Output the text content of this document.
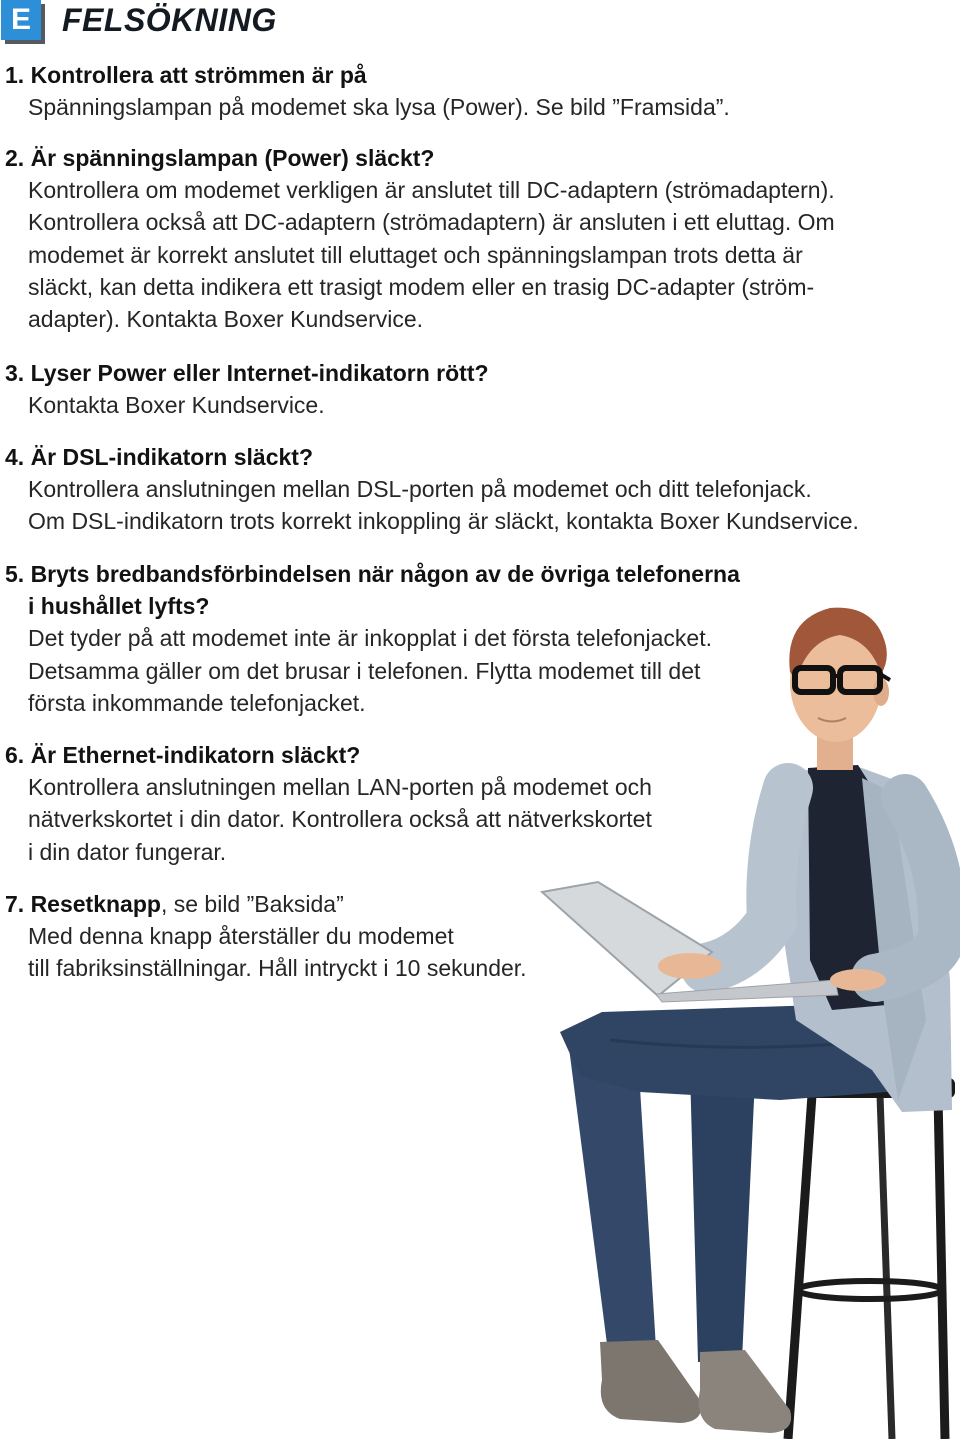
E FELSÖKNING
1. Kontrollera att strömmen är på
Spänningslampan på modemet ska lysa (Power). Se bild ”Framsida”.
2. Är spänningslampan (Power) släckt?
Kontrollera om modemet verkligen är anslutet till DC-adaptern (strömadaptern).
Kontrollera också att DC-adaptern (strömadaptern) är ansluten i ett eluttag. Om
modemet är korrekt anslutet till eluttaget och spänningslampan trots detta är
släckt, kan detta indikera ett trasigt modem eller en trasig DC-adapter (ström-
adapter). Kontakta Boxer Kundservice.
3. Lyser Power eller Internet-indikatorn rött?
Kontakta Boxer Kundservice.
4. Är DSL-indikatorn släckt?
Kontrollera anslutningen mellan DSL-porten på modemet och ditt telefonjack.
Om DSL-indikatorn trots korrekt inkoppling är släckt, kontakta Boxer Kundservice.
5. Bryts bredbandsförbindelsen när någon av de övriga telefonerna
i hushållet lyfts?
Det tyder på att modemet inte är inkopplat i det första telefonjacket.
Detsamma gäller om det brusar i telefonen. Flytta modemet till det
första inkommande telefonjacket.
6. Är Ethernet-indikatorn släckt?
Kontrollera anslutningen mellan LAN-porten på modemet och
nätverkskortet i din dator. Kontrollera också att nätverkskortet
i din dator fungerar.
7. Resetknapp, se bild ”Baksida”
Med denna knapp återställer du modemet
till fabriksinställningar. Håll intryckt i 10 sekunder.
